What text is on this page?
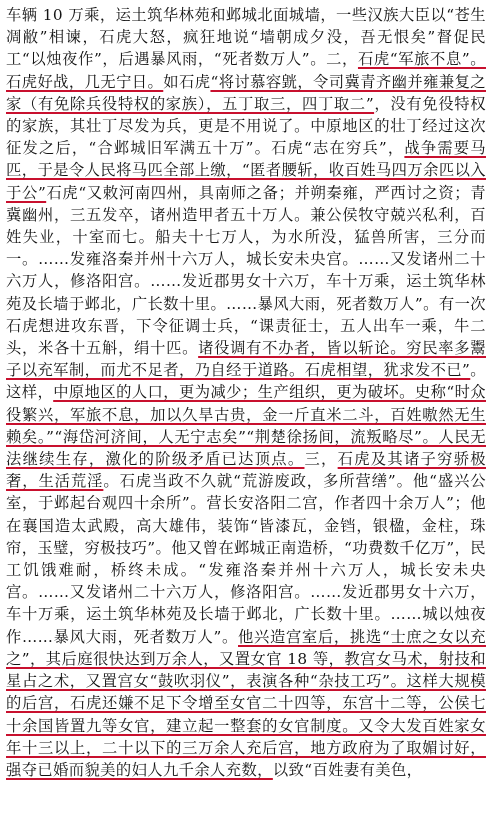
车辆 10 万乘，运土筑华林苑和邺城北面城墙，一些汉族大臣以“苍生凋敝”相谏，石虎大怒，疯狂地说“墙朝成夕没，吾无恨矣”督促民工“以烛夜作”，后遇暴风雨，“死者数万人”。二，石虎“军旅不息”。石虎好战，几无宁日。如石虎“将讨慕容皝，令司冀青齐幽并雍兼复之家（有免除兵役特权的家族），五丁取三，四丁取二”，没有免役特权的家族，其壮丁尽发为兵，更是不用说了。中原地区的壮丁经过这次征发之后，“合邺城旧军满五十万”。石虎“志在穷兵”，战争需要马匹，于是令人民将马匹全部上缴，“匿者腰斩，收百姓马四万余匹以入于公”石虎“又敕河南四州，具南师之备；并朔秦雍，严西讨之资；青冀幽州，三五发卒，诸州造甲者五十万人。兼公侯牧守兢兴私利，百姓失业，十室而七。船夫十七万人，为水所没，猛兽所害，三分而一。……发雍洛秦并州十六万人，城长安未央宫。……又发诸州二十六万人，修洛阳宫。……发近郡男女十六万，车十万乘，运土筑华林苑及长墙于邺北，广长数十里。……暴风大雨，死者数万人”。有一次石虎想进攻东晋，下令征调士兵，“课责征士，五人出车一乘，牛二头，米各十五斛，绢十匹。诸役调有不办者，皆以斩论。穷民率多鬻子以充军制，而尤不足者，乃自经于道路。石虎相望，犹求发不已”。这样，中原地区的人口，更为减少；生产组织，更为破坏。史称“时众役繁兴，军旅不息，加以久旱古贵，金一斤直米二斗，百姓嗷然无生赖矣。”“海岱河济间，人无宁志矣”“荆楚徐扬间，流叛略尽”。人民无法继续生存，激化的阶级矛盾已达顶点。三，石虎及其诸子穷骄极奢，生活荒淫。石虎当政不久就“荒游废政，多所营缮”。他“盛兴公室，于邺起台观四十余所”。营长安洛阳二宫，作者四十余万人”；他在襄国造太武殿，高大雄伟，装饰“皆漆瓦，金铛，银楹，金柱，珠帘，玉璧，穷极技巧”。他又曾在邺城正南造桥，“功费数千亿万”，民工饥饿难耐，桥终未成。“发雍洛秦并州十六万人，城长安未央宫。……又发诸州二十六万人，修洛阳宫。……发近郡男女十六万，车十万乘，运土筑华林苑及长墙于邺北，广长数十里。……城以烛夜作……暴风大雨，死者数万人”。他兴造宫室后，挑选“士庶之女以充之”，其后庭很快达到万余人，又置女官 18 等，教宫女马术，射技和星占之术，又置宫女“鼓吹羽仪”，表演各种“杂技工巧”。这样大规模的后宫，石虎还嫌不足下令增至女官二十四等，东宫十二等，公侯七十余国皆置九等女官，建立起一整套的女官制度。又令大发百姓家女年十三以上，二十以下的三万余人充后宫，地方政府为了取媚讨好，强夺已婚而貌美的妇人九千余人充数，以致“百姓妻有美色，
